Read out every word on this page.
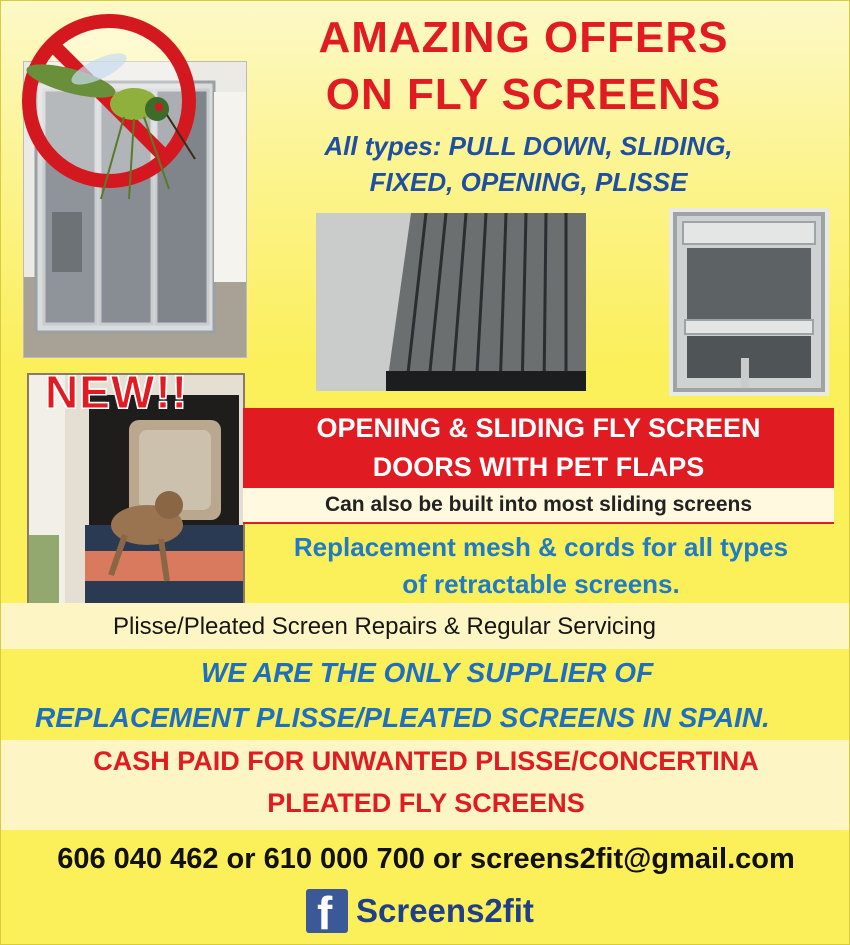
AMAZING OFFERS
ON FLY SCREENS
All types: PULL DOWN, SLIDING,
FIXED, OPENING, PLISSE
NEW!!
OPENING & SLIDING FLY SCREEN
DOORS WITH PET FLAPS
Can also be built into most sliding screens
Replacement mesh & cords for all types
of retractable screens.
Plisse/Pleated Screen Repairs & Regular Servicing
WE ARE THE ONLY SUPPLIER OF
REPLACEMENT PLISSE/PLEATED SCREENS IN SPAIN.
CASH PAID FOR UNWANTED PLISSE/CONCERTINA
PLEATED FLY SCREENS
606 040 462 or 610 000 700 or screens2fit@gmail.com
f Screens2fit
